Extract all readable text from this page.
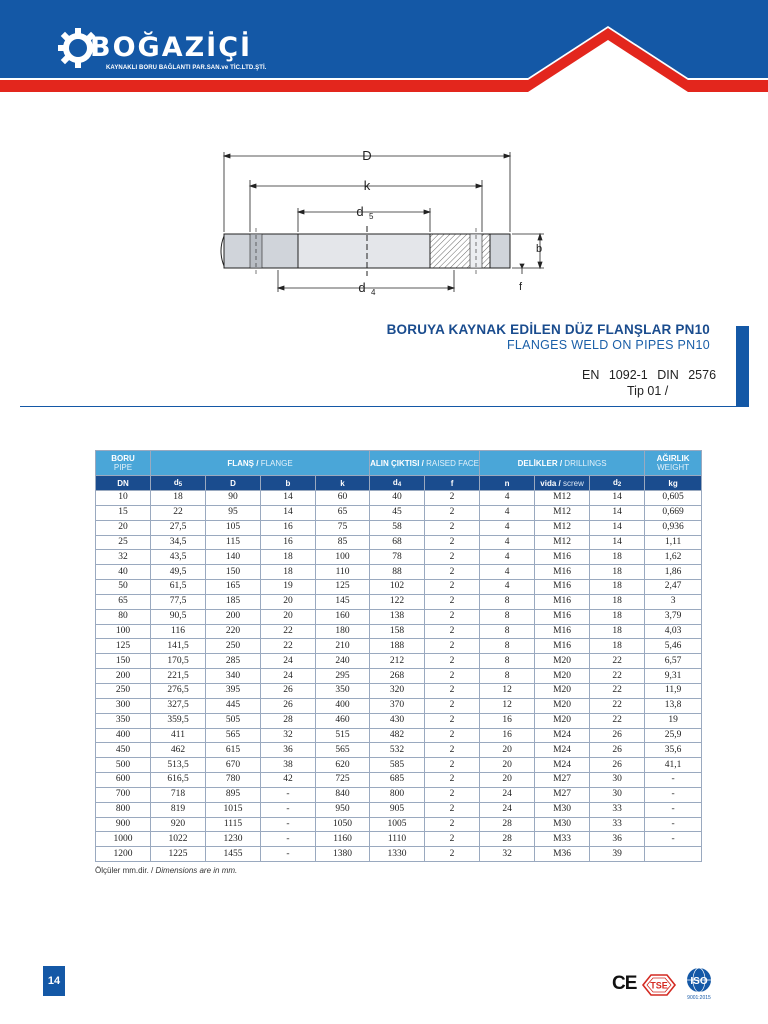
BOĞAZİÇİ
KAYNAKLI BORU BAĞLANTI PAR.SAN.ve TİC.LTD.ŞTİ.
D
k
d 5
d 4
b
f
BORUYA KAYNAK EDİLEN DÜZ FLANŞLAR PN10
FLANGES WELD ON PIPES PN10
EN 1092-1 DIN 2576
Tip 01 /
BORU
PIPE	FLANŞ / FLANGE				ALIN ÇIKTISI / RAISED FACE		DELİKLER / DRILLINGS			AĞIRLIK
WEIGHT
DN	$d_5$	D	b	k	$d_4$	f	n	vida / screw	$d_2$	kg
10	18	90	14	60	40	2	4	M12	14	0,605
15	22	95	14	65	45	2	4	M12	14	0,669
20	27,5	105	16	75	58	2	4	M12	14	0,936
25	34,5	115	16	85	68	2	4	M12	14	1,11
32	43,5	140	18	100	78	2	4	M16	18	1,62
40	49,5	150	18	110	88	2	4	M16	18	1,86
50	61,5	165	19	125	102	2	4	M16	18	2,47
65	77,5	185	20	145	122	2	8	M16	18	3
80	90,5	200	20	160	138	2	8	M16	18	3,79
100	116	220	22	180	158	2	8	M16	18	4,03
125	141,5	250	22	210	188	2	8	M16	18	5,46
150	170,5	285	24	240	212	2	8	M20	22	6,57
200	221,5	340	24	295	268	2	8	M20	22	9,31
250	276,5	395	26	350	320	2	12	M20	22	11,9
300	327,5	445	26	400	370	2	12	M20	22	13,8
350	359,5	505	28	460	430	2	16	M20	22	19
400	411	565	32	515	482	2	16	M24	26	25,9
450	462	615	36	565	532	2	20	M24	26	35,6
500	513,5	670	38	620	585	2	20	M24	26	41,1
600	616,5	780	42	725	685	2	20	M27	30	-
700	718	895	-	840	800	2	24	M27	30	-
800	819	1015	-	950	905	2	24	M30	33	-
900	920	1115	-	1050	1005	2	28	M30	33	-
1000	1022	1230	-	1160	1110	2	28	M33	36	-
1200	1225	1455	-	1380	1330	2	32	M36	39	
Ölçüler mm.dir. / Dimensions are in mm.
14	CE TSE ISO
9001:2015
